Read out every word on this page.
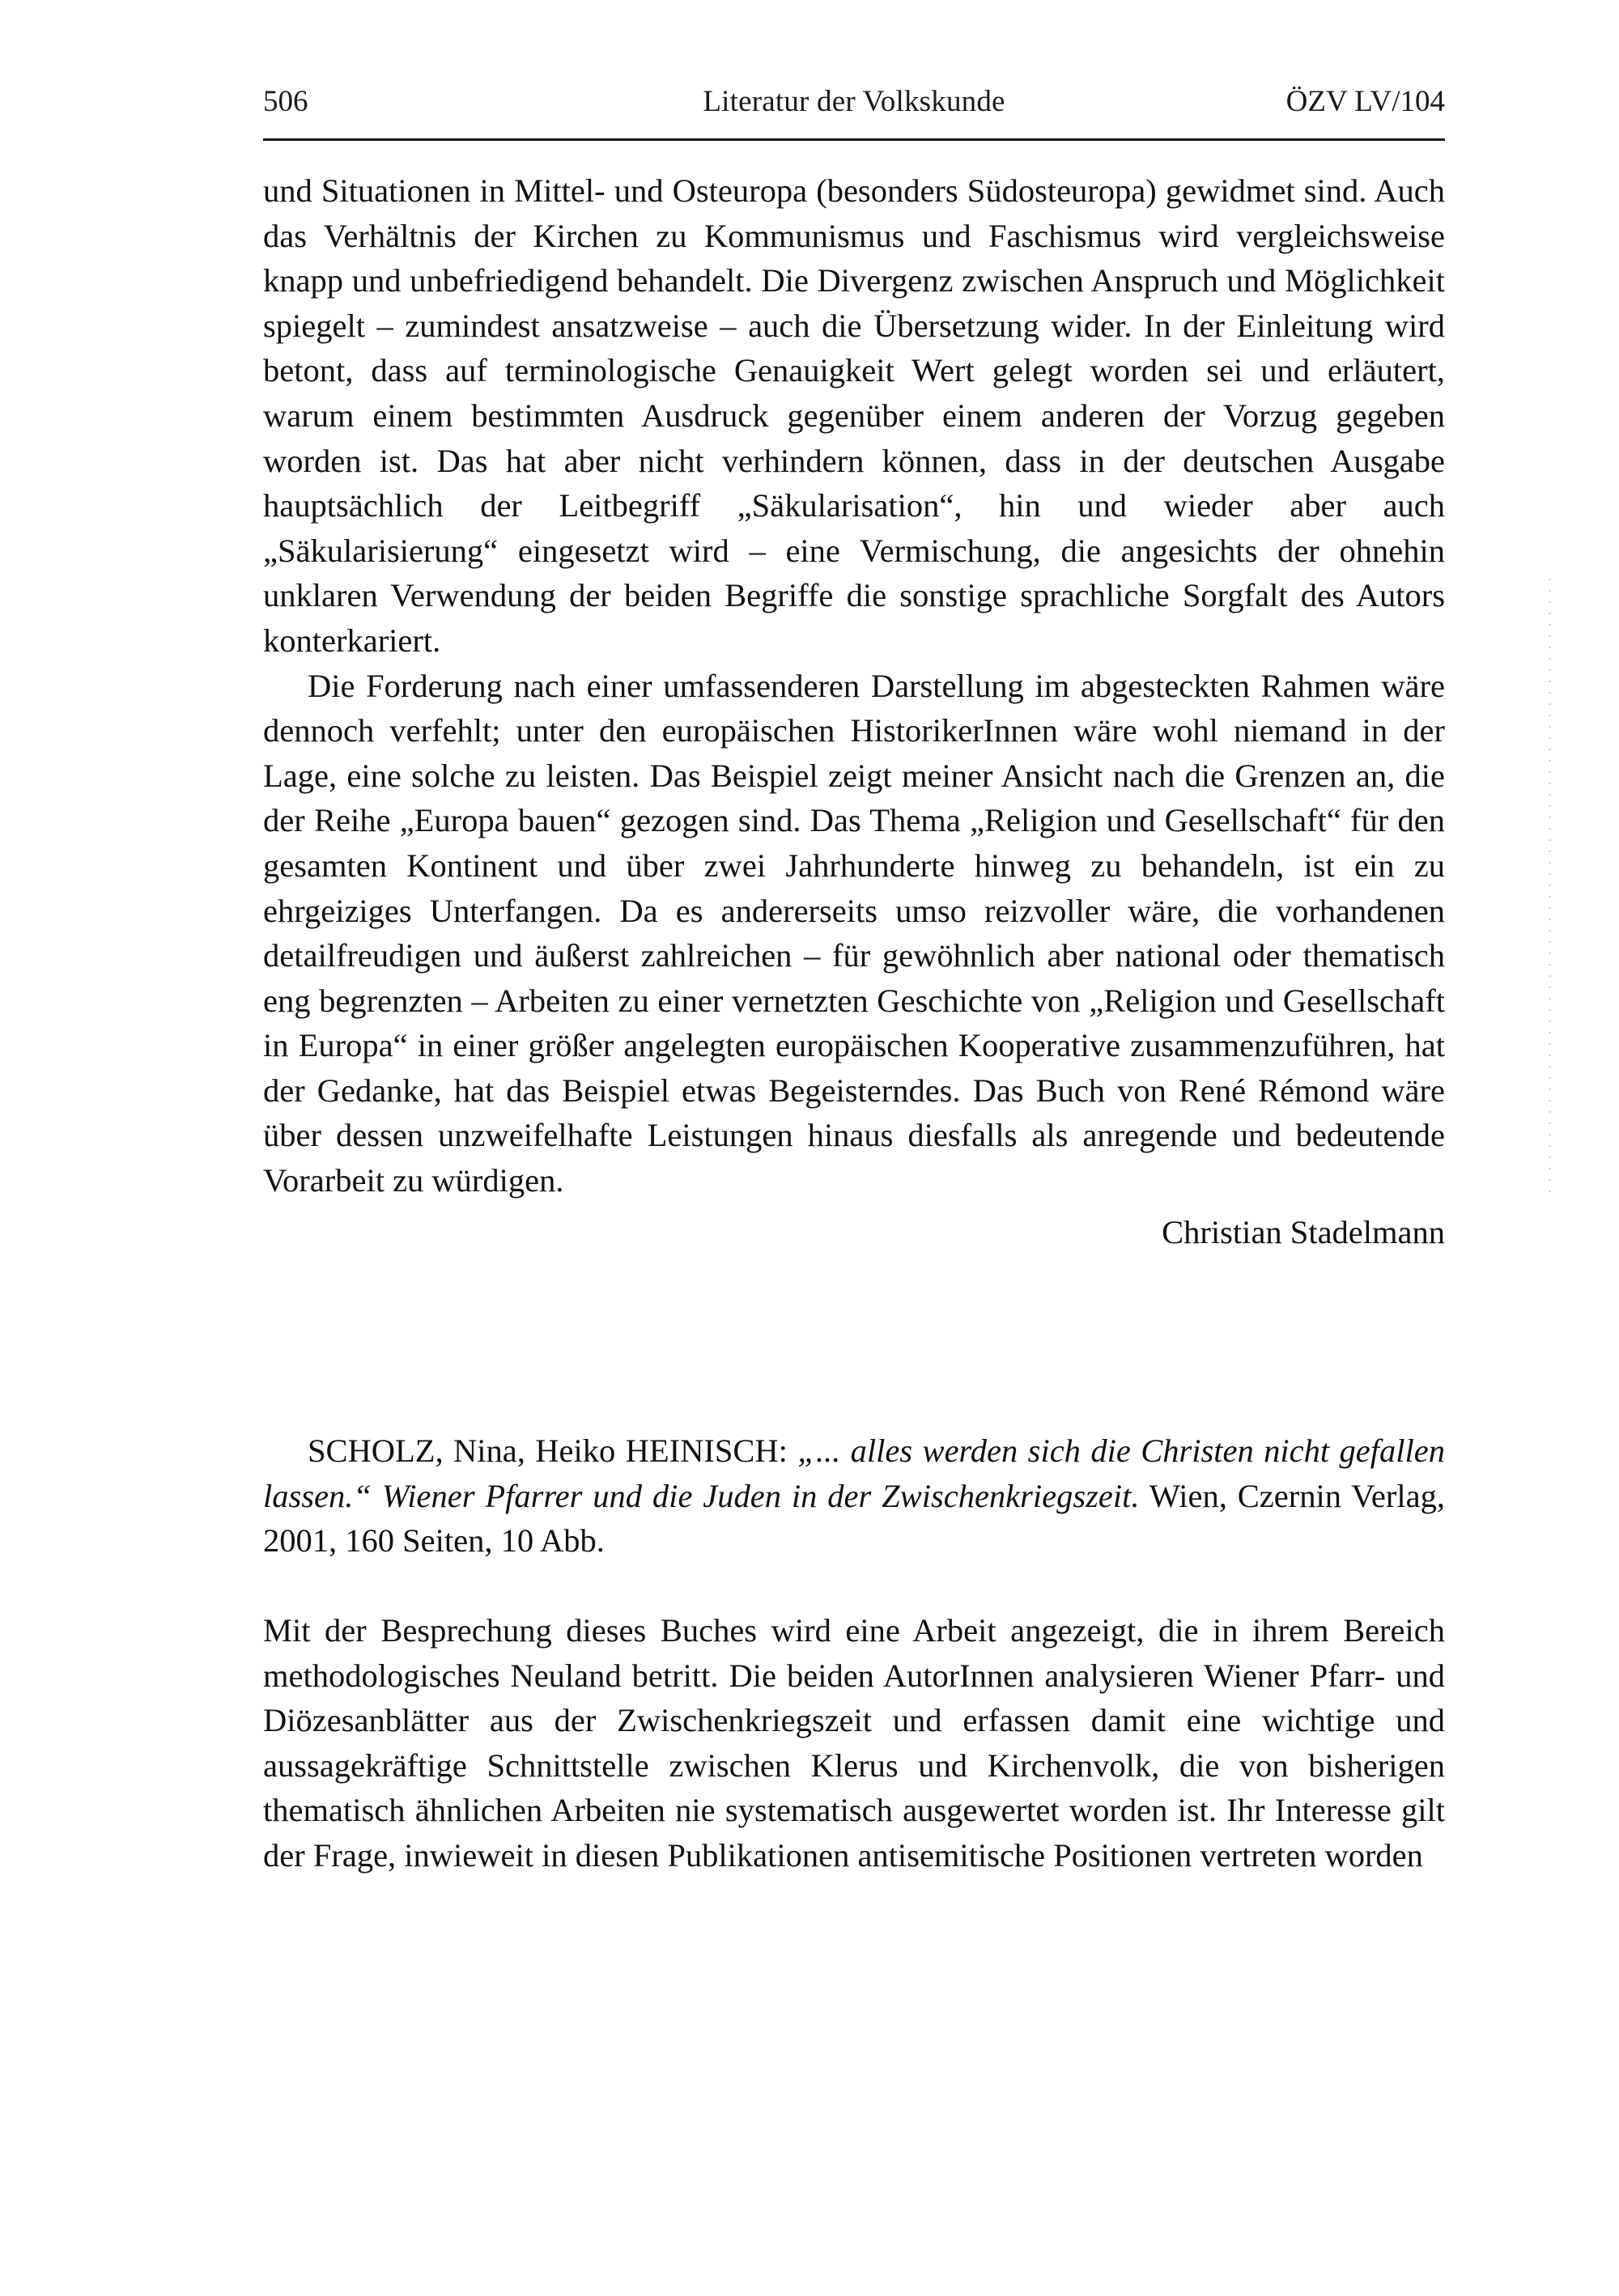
506	Literatur der Volkskunde	ÖZV LV/104

und Situationen in Mittel- und Osteuropa (besonders Südosteuropa) gewidmet sind. Auch das Verhältnis der Kirchen zu Kommunismus und Faschismus wird vergleichsweise knapp und unbefriedigend behandelt. Die Divergenz zwischen Anspruch und Möglichkeit spiegelt – zumindest ansatzweise – auch die Übersetzung wider. In der Einleitung wird betont, dass auf terminologische Genauigkeit Wert gelegt worden sei und erläutert, warum einem bestimmten Ausdruck gegenüber einem anderen der Vorzug gegeben worden ist. Das hat aber nicht verhindern können, dass in der deutschen Ausgabe hauptsächlich der Leitbegriff „Säkularisation“, hin und wieder aber auch „Säkularisierung“ eingesetzt wird – eine Vermischung, die angesichts der ohnehin unklaren Verwendung der beiden Begriffe die sonstige sprachliche Sorgfalt des Autors konterkariert.

Die Forderung nach einer umfassenderen Darstellung im abgesteckten Rahmen wäre dennoch verfehlt; unter den europäischen HistorikerInnen wäre wohl niemand in der Lage, eine solche zu leisten. Das Beispiel zeigt meiner Ansicht nach die Grenzen an, die der Reihe „Europa bauen“ gezogen sind. Das Thema „Religion und Gesellschaft“ für den gesamten Kontinent und über zwei Jahrhunderte hinweg zu behandeln, ist ein zu ehrgeiziges Unterfangen. Da es andererseits umso reizvoller wäre, die vorhandenen detailfreudigen und äußerst zahlreichen – für gewöhnlich aber national oder thematisch eng begrenzten – Arbeiten zu einer vernetzten Geschichte von „Religion und Gesellschaft in Europa“ in einer größer angelegten europäischen Kooperative zusammenzuführen, hat der Gedanke, hat das Beispiel etwas Begeisterndes. Das Buch von René Rémond wäre über dessen unzweifelhafte Leistungen hinaus diesfalls als anregende und bedeutende Vorarbeit zu würdigen.

Christian Stadelmann
SCHOLZ, Nina, Heiko HEINISCH: „... alles werden sich die Christen nicht gefallen lassen.“ Wiener Pfarrer und die Juden in der Zwischenkriegszeit. Wien, Czernin Verlag, 2001, 160 Seiten, 10 Abb.

Mit der Besprechung dieses Buches wird eine Arbeit angezeigt, die in ihrem Bereich methodologisches Neuland betritt. Die beiden AutorInnen analysieren Wiener Pfarr- und Diözesanblätter aus der Zwischenkriegszeit und erfassen damit eine wichtige und aussagekräftige Schnittstelle zwischen Klerus und Kirchenvolk, die von bisherigen thematisch ähnlichen Arbeiten nie systematisch ausgewertet worden ist. Ihr Interesse gilt der Frage, inwieweit in diesen Publikationen antisemitische Positionen vertreten worden
